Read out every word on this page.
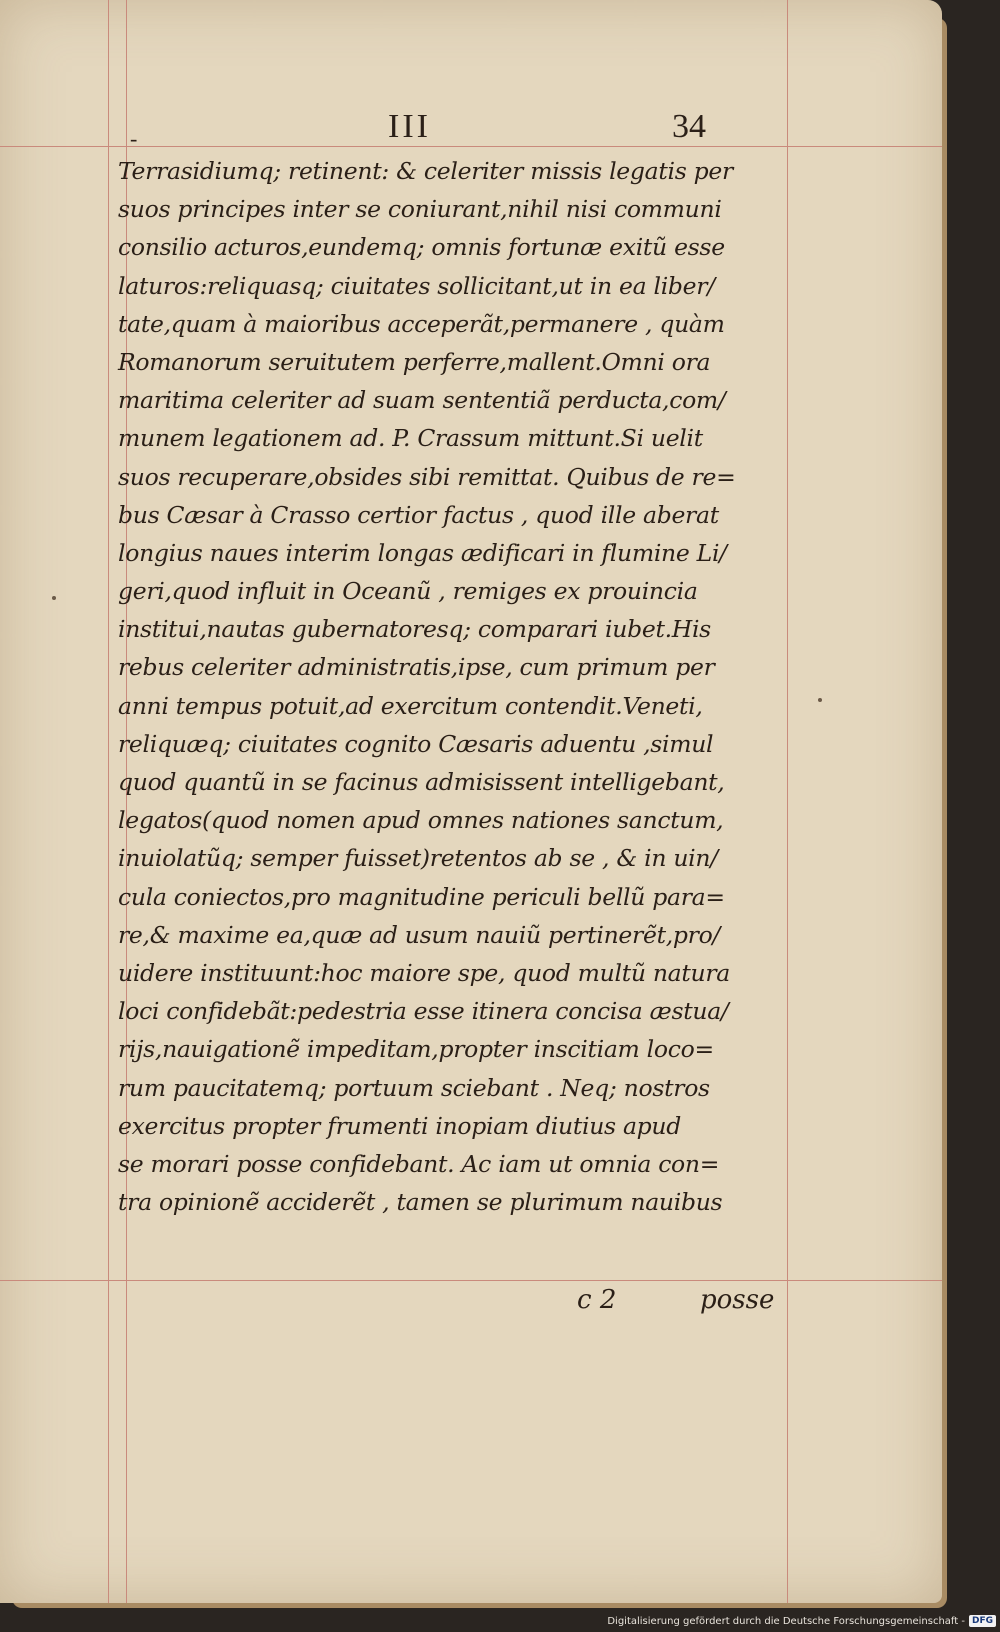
-	III	34
Terrasidiumq; retinent: & celeriter missis legatis per
suos principes inter se coniurant,nihil nisi communi
consilio acturos,eundemq; omnis fortunæ exitũ esse
laturos:reliquasq; ciuitates sollicitant,ut in ea liber/
tate,quam à maioribus acceperãt,permanere , quàm
Romanorum seruitutem perferre,mallent.Omni ora
maritima celeriter ad suam sententiã perducta,com/
munem legationem ad. P. Crassum mittunt.Si uelit
suos recuperare,obsides sibi remittat. Quibus de re=
bus Cæsar à Crasso certior factus , quod ille aberat
longius naues interim longas ædificari in flumine Li/
geri,quod influit in Oceanũ , remiges ex prouincia
institui,nautas gubernatoresq; comparari iubet.His
rebus celeriter administratis,ipse, cum primum per
anni tempus potuit,ad exercitum contendit.Veneti,
reliquæq; ciuitates cognito Cæsaris aduentu ,simul
quod quantũ in se facinus admisissent intelligebant,
legatos(quod nomen apud omnes nationes sanctum,
inuiolatũq; semper fuisset)retentos ab se , & in uin/
cula coniectos,pro magnitudine periculi bellũ para=
re,& maxime ea,quæ ad usum nauiũ pertinerẽt,pro/
uidere instituunt:hoc maiore spe, quod multũ natura
loci confidebãt:pedestria esse itinera concisa æstua/
rijs,nauigationẽ impeditam,propter inscitiam loco=
rum paucitatemq; portuum sciebant . Neq; nostros
exercitus propter frumenti inopiam diutius apud
se morari posse confidebant. Ac iam ut omnia con=
tra opinionẽ acciderẽt , tamen se plurimum nauibus
c 2	posse
Digitalisierung gefördert durch die Deutsche Forschungsgemeinschaft - DFG
